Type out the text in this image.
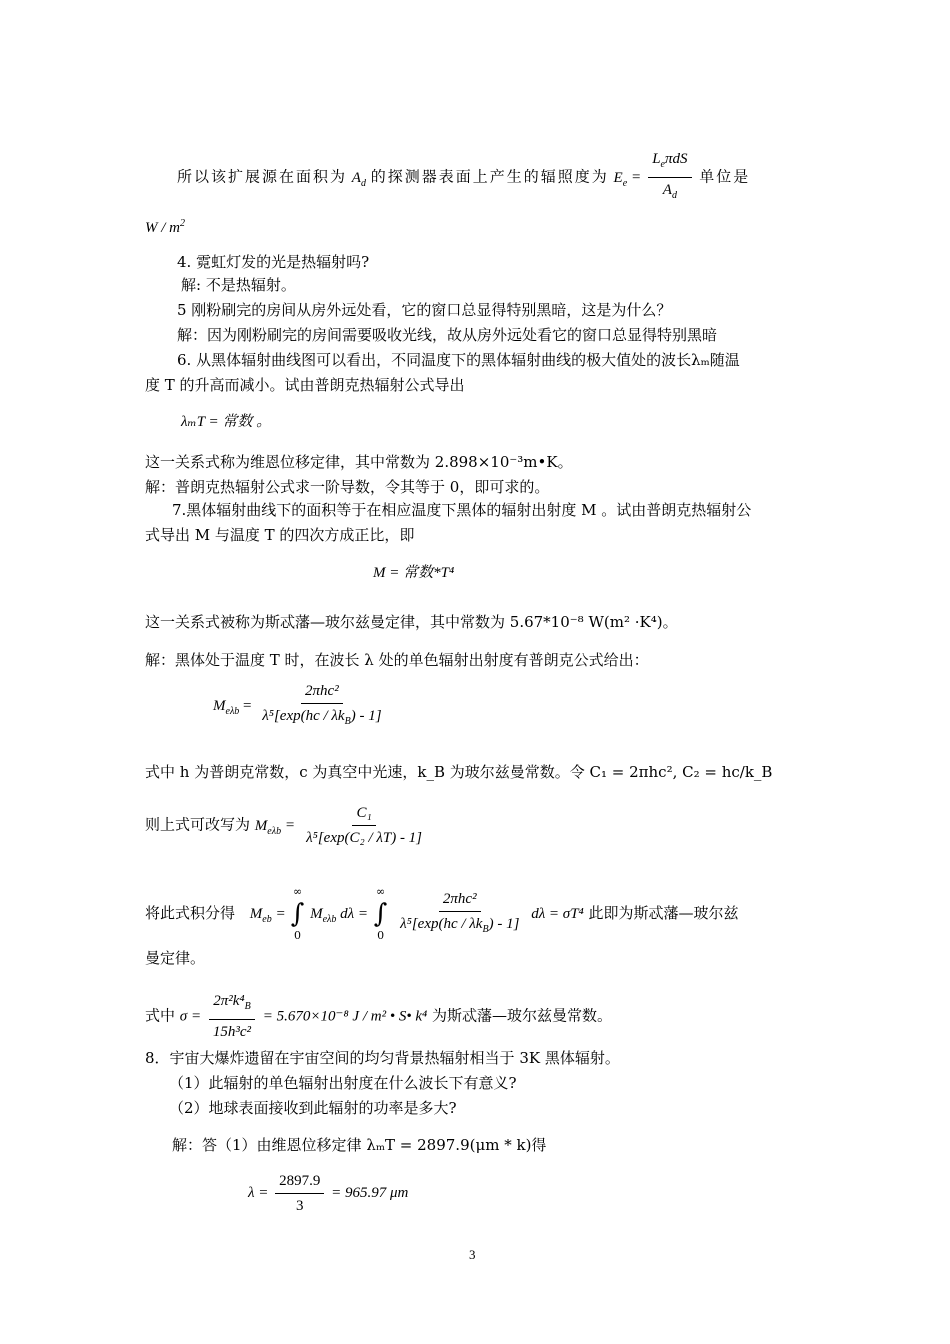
所以该扩展源在面积为 $A_d$ 的探测器表面上产生的辐照度为 $E_e = \frac{L_e\pi dS}{A_d}$ 单位是
W / $m^2$
4. 霓虹灯发的光是热辐射吗?
解: 不是热辐射。
5 刚粉刷完的房间从房外远处看，它的窗口总显得特别黑暗，这是为什么？
解：因为刚粉刷完的房间需要吸收光线，故从房外远处看它的窗口总显得特别黑暗
6. 从黑体辐射曲线图可以看出，不同温度下的黑体辐射曲线的极大值处的波长λₘ随温
度 T 的升高而减小。试由普朗克热辐射公式导出
λₘT = 常数 。
这一关系式称为维恩位移定律，其中常数为 2.898×10⁻³m•K。
解：普朗克热辐射公式求一阶导数，令其等于 0，即可求的。
7.黑体辐射曲线下的面积等于在相应温度下黑体的辐射出射度 M 。试由普朗克热辐射公
式导出 M 与温度 T 的四次方成正比，即
M = 常数*T⁴
这一关系式被称为斯忒藩—玻尔兹曼定律，其中常数为 5.67*10⁻⁸ W(m² ·K⁴)。
解：黑体处于温度 T 时，在波长 λ 处的单色辐射出射度有普朗克公式给出：
$M_{e\lambda b} = \frac{\text{2πhc²}}{\lambda^5[\exp(hc / \lambda k_B) - 1]}$
式中 h 为普朗克常数，c 为真空中光速，k_B 为玻尔兹曼常数。令 C₁ = 2πhc², C₂ = hc/k_B
则上式可改写为 $M_{e\lambda b} = \frac{\text{C₁}}{\text{λ⁵[exp(C₂ / λT) - 1]}}$
将此式积分得 $M_{eb}$ =
∞
∫
0
$M_{e\lambda b}$ dλ =
∞
∫
0
$\frac{\text{2πhc²}}{\lambda^5[\exp(hc / \lambda k_B) - 1]}$ dλ = σT⁴ 此即为斯忒藩—玻尔兹
曼定律。
式中 $\sigma = \frac{2\pi^2k^4_B}{\text{15h³c²}} = 5.670\times 10^{-8}$ J / m² • S• k⁴ 为斯忒藩—玻尔兹曼常数。
8．宇宙大爆炸遗留在宇宙空间的均匀背景热辐射相当于 3K 黑体辐射。
（1）此辐射的单色辐射出射度在什么波长下有意义?
（2）地球表面接收到此辐射的功率是多大?
解：答（1）由维恩位移定律 λₘT = 2897.9(μm * k)得
$\lambda = \frac{2897.9}{3} = 965.97$ μm
3
